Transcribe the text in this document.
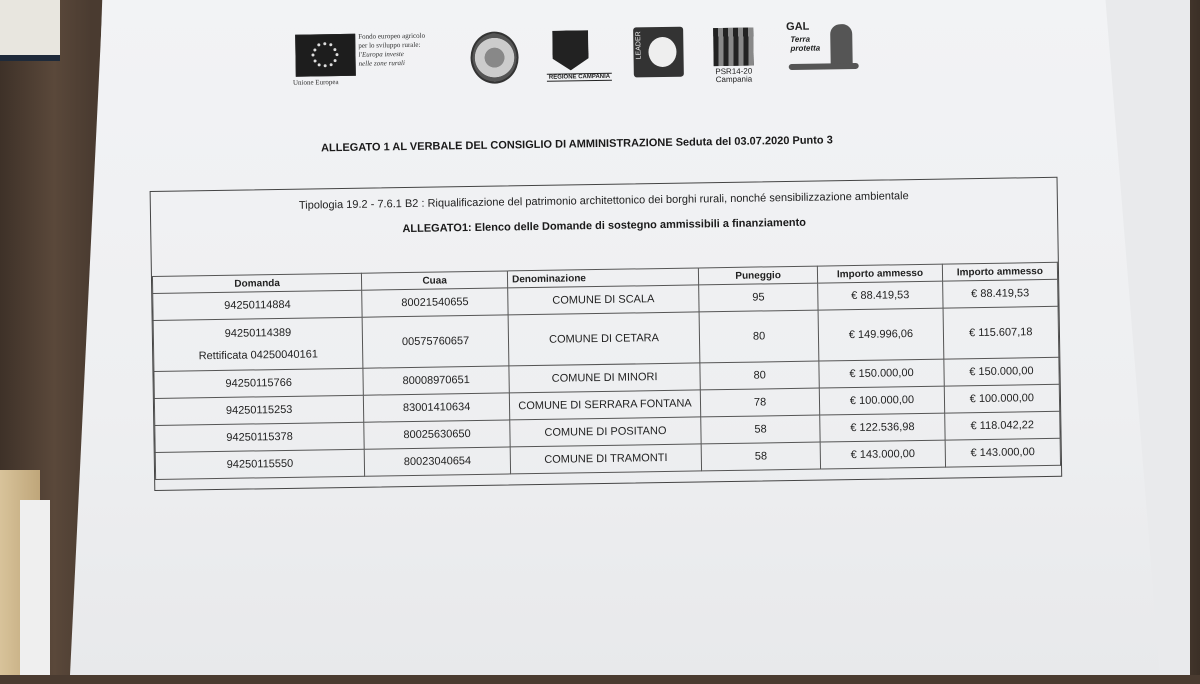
Unione Europea
Fondo europeo agricolo
per lo sviluppo rurale:
l'Europa investe
nelle zone rurali
REGIONE CAMPANIA
LEADER
PSR14-20
Campania
GAL
Terra
protetta
ALLEGATO 1 AL VERBALE DEL CONSIGLIO DI AMMINISTRAZIONE Seduta del 03.07.2020 Punto 3
Tipologia 19.2 - 7.6.1 B2 : Riqualificazione del patrimonio architettonico dei borghi rurali, nonché sensibilizzazione ambientale
ALLEGATO1: Elenco delle Domande di sostegno ammissibili a finanziamento
Domanda	Cuaa	Denominazione	Puneggio	Importo ammesso	Importo ammesso
94250114884	80021540655	COMUNE DI SCALA	95	€ 88.419,53	€ 88.419,53

94250114389
Rettificata 04250040161	00575760657	COMUNE DI CETARA	80	€ 149.996,06	€ 115.607,18
94250115766	80008970651	COMUNE DI MINORI	80	€ 150.000,00	€ 150.000,00
94250115253	83001410634	COMUNE DI SERRARA FONTANA	78	€ 100.000,00	€ 100.000,00
94250115378	80025630650	COMUNE DI POSITANO	58	€ 122.536,98	€ 118.042,22
94250115550	80023040654	COMUNE DI TRAMONTI	58	€ 143.000,00	€ 143.000,00
